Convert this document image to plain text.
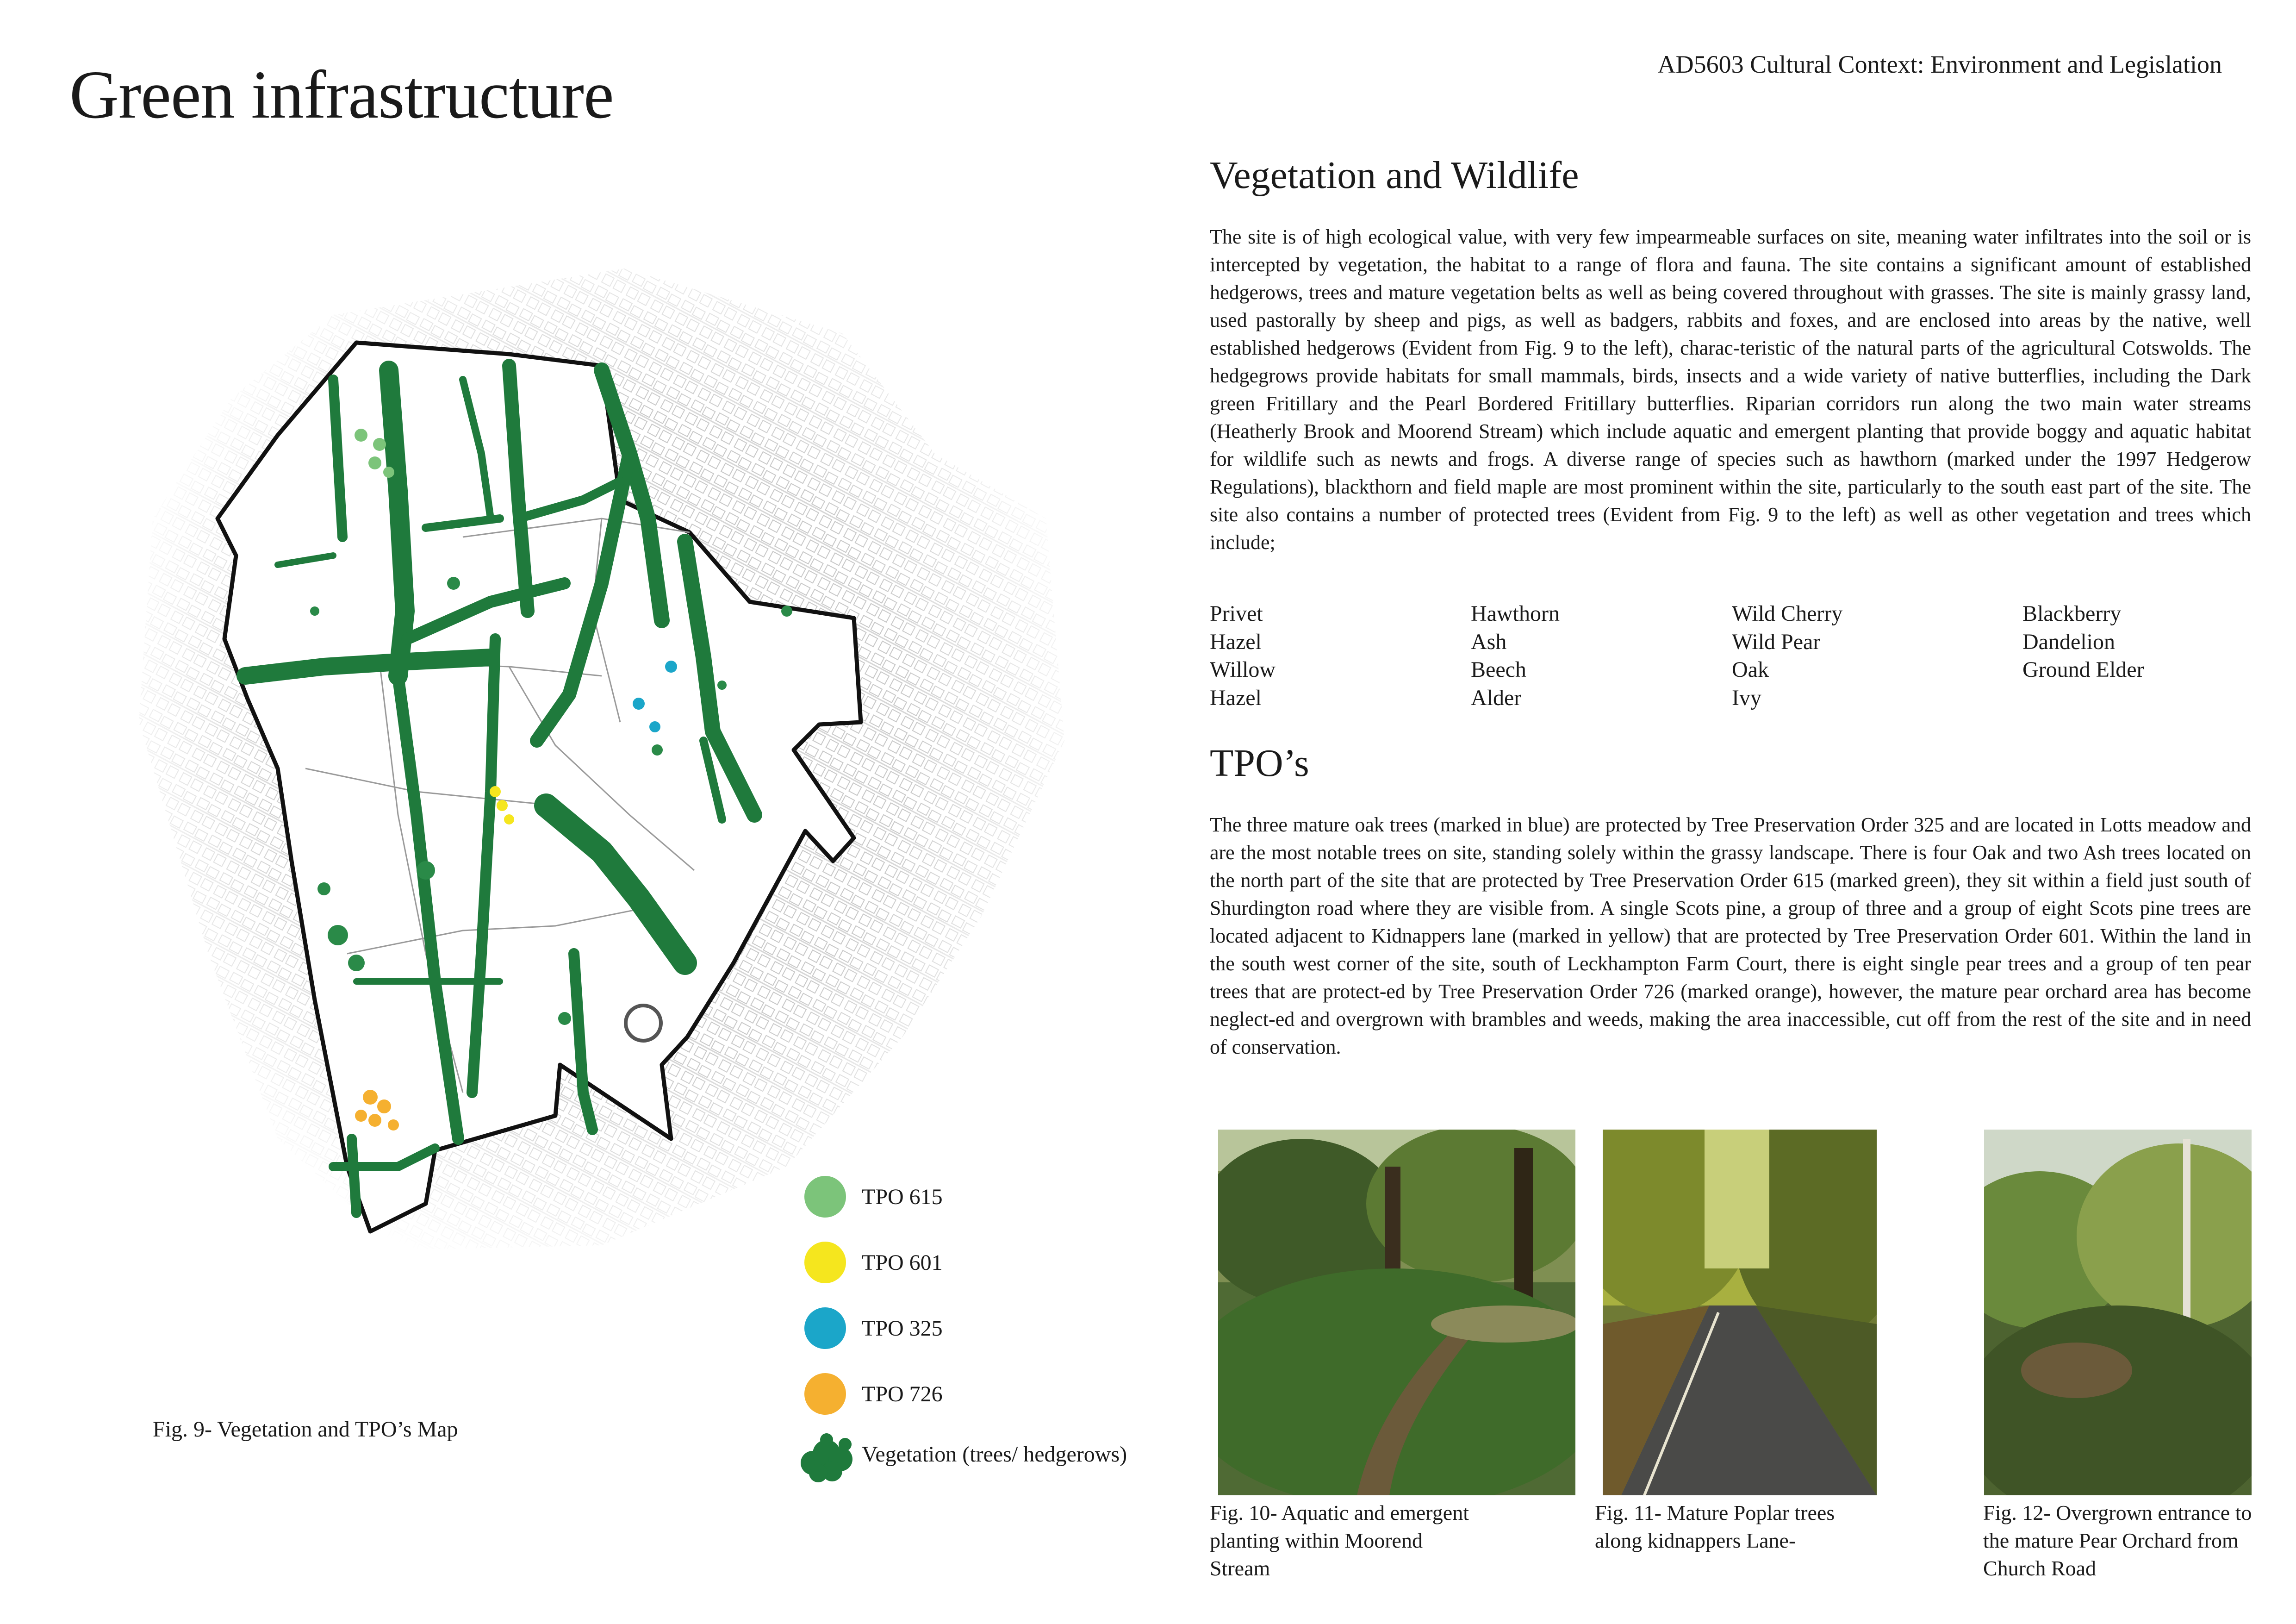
Green infrastructure	AD5603 Cultural Context: Environment and Legislation
TPO 615
TPO 601
TPO 325
TPO 726
Vegetation (trees/ hedgerows)
Fig. 9- Vegetation and TPO’s Map
Vegetation and Wildlife

The site is of high ecological value, with very few impearmeable surfaces on site, meaning water infiltrates into the soil or is intercepted by vegetation, the habitat to a range of flora and fauna. The site contains a significant amount of established hedgerows, trees and mature vegetation belts as well as being covered throughout with grasses. The site is mainly grassy land, used pastorally by sheep and pigs, as well as badgers, rabbits and foxes, and are enclosed into areas by the native, well established hedgerows (Evident from Fig. 9 to the left), charac-teristic of the natural parts of the agricultural Cotswolds. The hedgegrows provide habitats for small mammals, birds, insects and a wide variety of native butterflies, including the Dark green Fritillary and the Pearl Bordered Fritillary butterflies. Riparian corridors run along the two main water streams (Heatherly Brook and Moorend Stream) which include aquatic and emergent planting that provide boggy and aquatic habitat for wildlife such as newts and frogs. A diverse range of species such as hawthorn (marked under the 1997 Hedgerow Regulations), blackthorn and field maple are most prominent within the site, particularly to the south east part of the site. The site also contains a number of protected trees (Evident from Fig. 9 to the left) as well as other vegetation and trees which include;

Privet
Hazel
Willow
Hazel
Hawthorn
Ash
Beech
Alder
Wild Cherry
Wild Pear
Oak
Ivy
Blackberry
Dandelion
Ground Elder
TPO’s

The three mature oak trees (marked in blue) are protected by Tree Preservation Order 325 and are located in Lotts meadow and are the most notable trees on site, standing solely within the grassy landscape. There is four Oak and two Ash trees located on the north part of the site that are protected by Tree Preservation Order 615 (marked green), they sit within a field just south of Shurdington road where they are visible from. A single Scots pine, a group of three and a group of eight Scots pine trees are located adjacent to Kidnappers lane (marked in yellow) that are protected by Tree Preservation Order 601. Within the land in the south west corner of the site, south of Leckhampton Farm Court, there is eight single pear trees and a group of ten pear trees that are protect-ed by Tree Preservation Order 726 (marked orange), however, the mature pear orchard area has become neglect-ed and overgrown with brambles and weeds, making the area inaccessible, cut off from the rest of the site and in need of conservation.

Fig. 10- Aquatic and emergent planting within Moorend Stream
Fig. 11- Mature Poplar trees along kidnappers Lane-
Fig. 12- Overgrown entrance to the mature Pear Orchard from Church Road
